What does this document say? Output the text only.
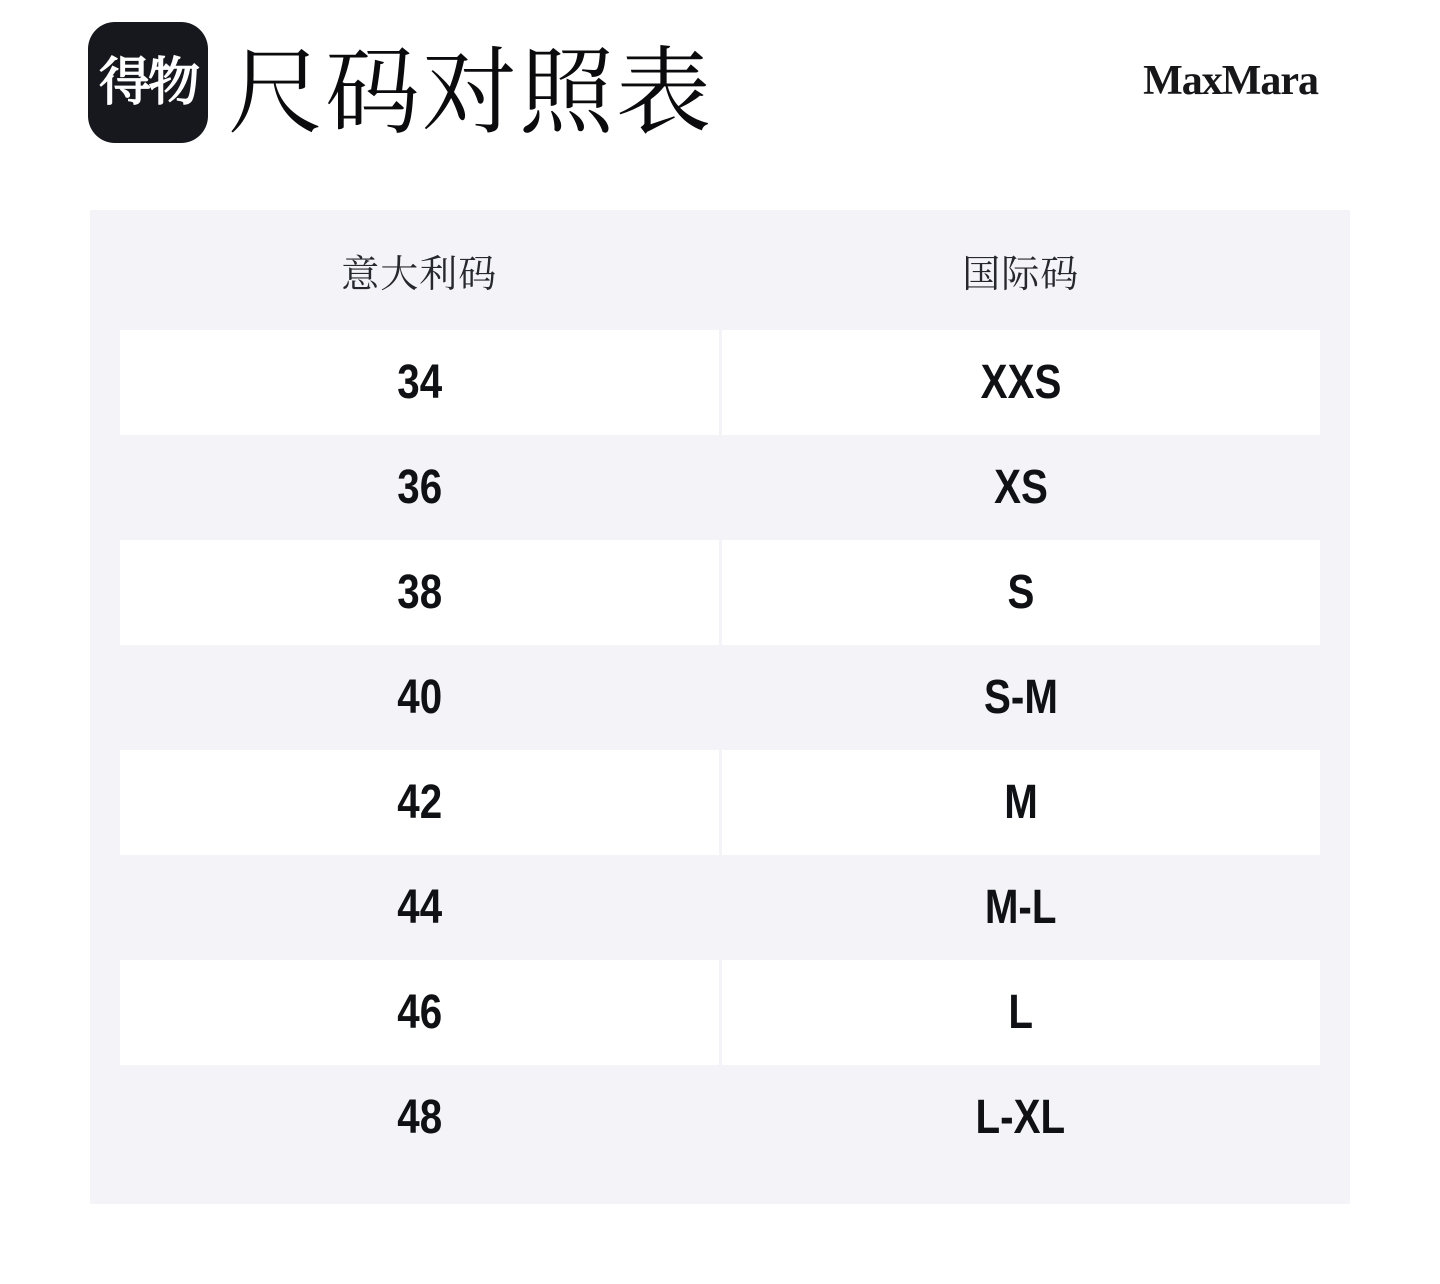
得物 尺码对照表	MaxMara
意大利码	国际码
34	XXS
36	XS
38	S
40	S-M
42	M
44	M-L
46	L
48	L-XL
